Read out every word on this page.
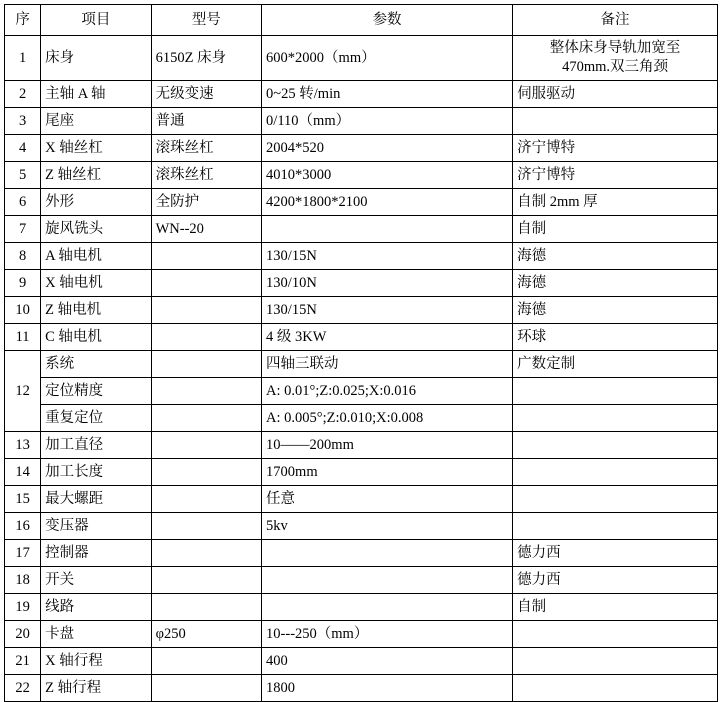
序	项目	型号	参数	备注
1	床身	6150Z 床身	600*2000（mm）	整体床身导轨加宽至
470mm.双三角颈

2	主轴 A 轴	无级变速	0~25 转/min	伺服驱动
3	尾座	普通	0/110（mm）	
4	X 轴丝杠	滚珠丝杠	2004*520	济宁博特
5	Z 轴丝杠	滚珠丝杠	4010*3000	济宁博特
6	外形	全防护	4200*1800*2100	自制 2mm 厚
7	旋风铣头	WN--20		自制
8	A 轴电机		130/15N	海德
9	X 轴电机		130/10N	海德
10	Z 轴电机		130/15N	海德
11	C 轴电机		4 级 3KW	环球
12	系统		四轴三联动	广数定制
	定位精度		A: 0.01°;Z:0.025;X:0.016	
	重复定位		A: 0.005°;Z:0.010;X:0.008	
13	加工直径		10——200mm	
14	加工长度		1700mm	
15	最大螺距		任意	
16	变压器		5kv	
17	控制器			德力西
18	开关			德力西
19	线路			自制
20	卡盘	φ250	10---250（mm）	
21	X 轴行程		400	
22	Z 轴行程		1800	
